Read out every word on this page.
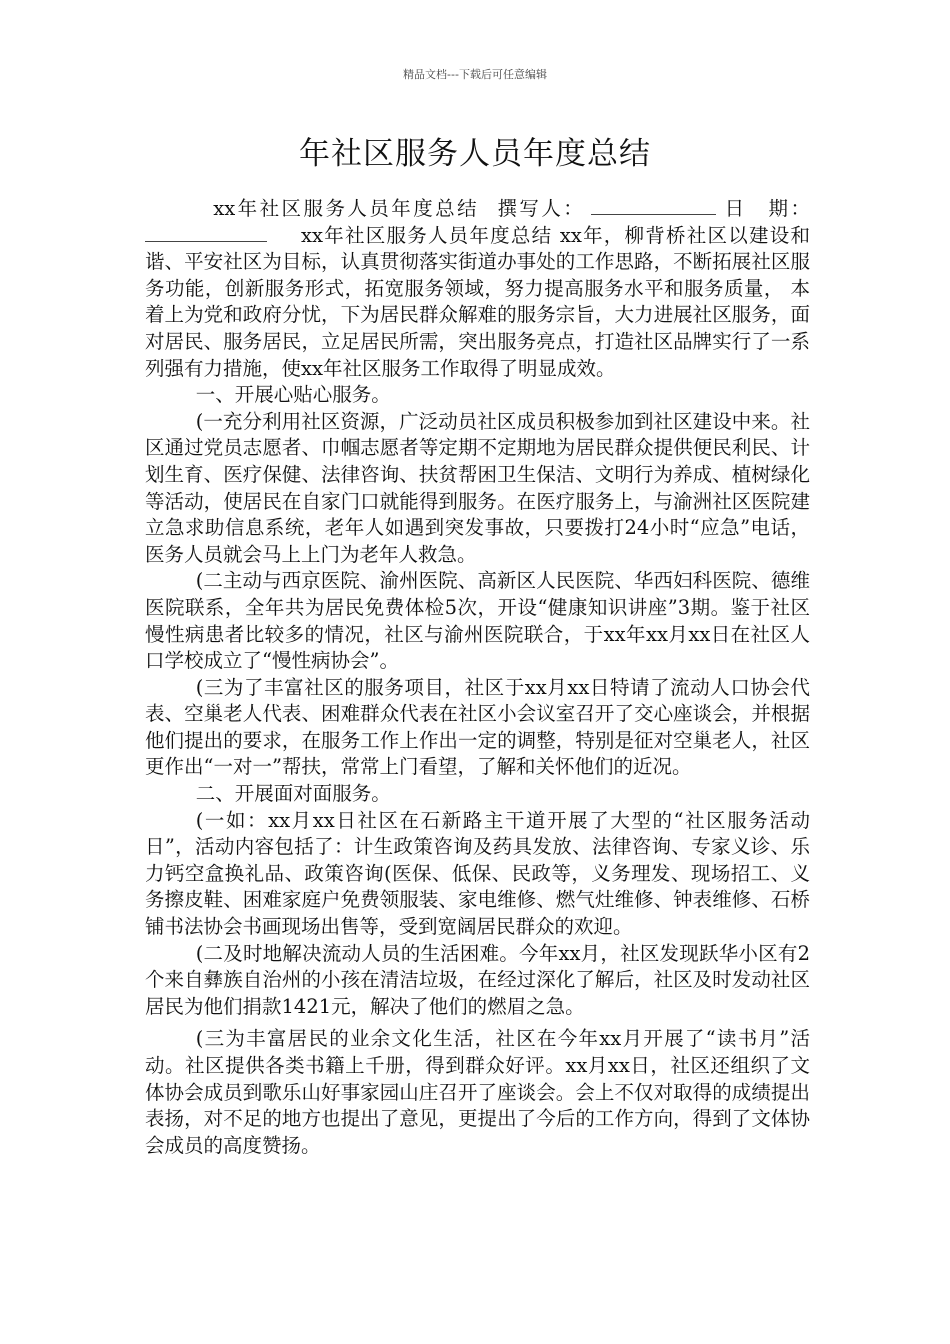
精品文档---下载后可任意编辑
年社区服务人员年度总结

xx年社区服务人员年度总结 撰写人：	日　期：xx年社区服务人员年度总结 xx年，柳背桥社区以建设和谐、平安社区为目标，认真贯彻落实街道办事处的工作思路，不断拓展社区服务功能，创新服务形式，拓宽服务领域，努力提高服务水平和服务质量， 本着上为党和政府分忧，下为居民群众解难的服务宗旨，大力进展社区服务，面对居民、服务居民，立足居民所需，突出服务亮点，打造社区品牌实行了一系列强有力措施，使xx年社区服务工作取得了明显成效。

一、开展心贴心服务。

(一充分利用社区资源，广泛动员社区成员积极参加到社区建设中来。社区通过党员志愿者、巾帼志愿者等定期不定期地为居民群众提供便民利民、计划生育、医疗保健、法律咨询、扶贫帮困卫生保洁、文明行为养成、植树绿化等活动，使居民在自家门口就能得到服务。在医疗服务上，与渝洲社区医院建立急求助信息系统，老年人如遇到突发事故，只要拨打24小时“应急”电话，医务人员就会马上上门为老年人救急。

(二主动与西京医院、渝州医院、高新区人民医院、华西妇科医院、德维医院联系，全年共为居民免费体检5次，开设“健康知识讲座”3期。鉴于社区慢性病患者比较多的情况，社区与渝州医院联合，于xx年xx月xx日在社区人口学校成立了“慢性病协会”。

(三为了丰富社区的服务项目，社区于xx月xx日特请了流动人口协会代表、空巢老人代表、困难群众代表在社区小会议室召开了交心座谈会，并根据他们提出的要求，在服务工作上作出一定的调整，特别是征对空巢老人，社区更作出“一对一”帮扶，常常上门看望，了解和关怀他们的近况。

二、开展面对面服务。

(一如：xx月xx日社区在石新路主干道开展了大型的“社区服务活动日”，活动内容包括了：计生政策咨询及药具发放、法律咨询、专家义诊、乐力钙空盒换礼品、政策咨询(医保、低保、民政等，义务理发、现场招工、义务擦皮鞋、困难家庭户免费领服装、家电维修、燃气灶维修、钟表维修、石桥铺书法协会书画现场出售等，受到宽阔居民群众的欢迎。

(二及时地解决流动人员的生活困难。今年xx月，社区发现跃华小区有2个来自彝族自治州的小孩在清洁垃圾，在经过深化了解后，社区及时发动社区居民为他们捐款1421元，解决了他们的燃眉之急。

(三为丰富居民的业余文化生活，社区在今年xx月开展了“读书月”活动。社区提供各类书籍上千册，得到群众好评。xx月xx日，社区还组织了文体协会成员到歌乐山好事家园山庄召开了座谈会。会上不仅对取得的成绩提出表扬，对不足的地方也提出了意见，更提出了今后的工作方向，得到了文体协会成员的高度赞扬。
